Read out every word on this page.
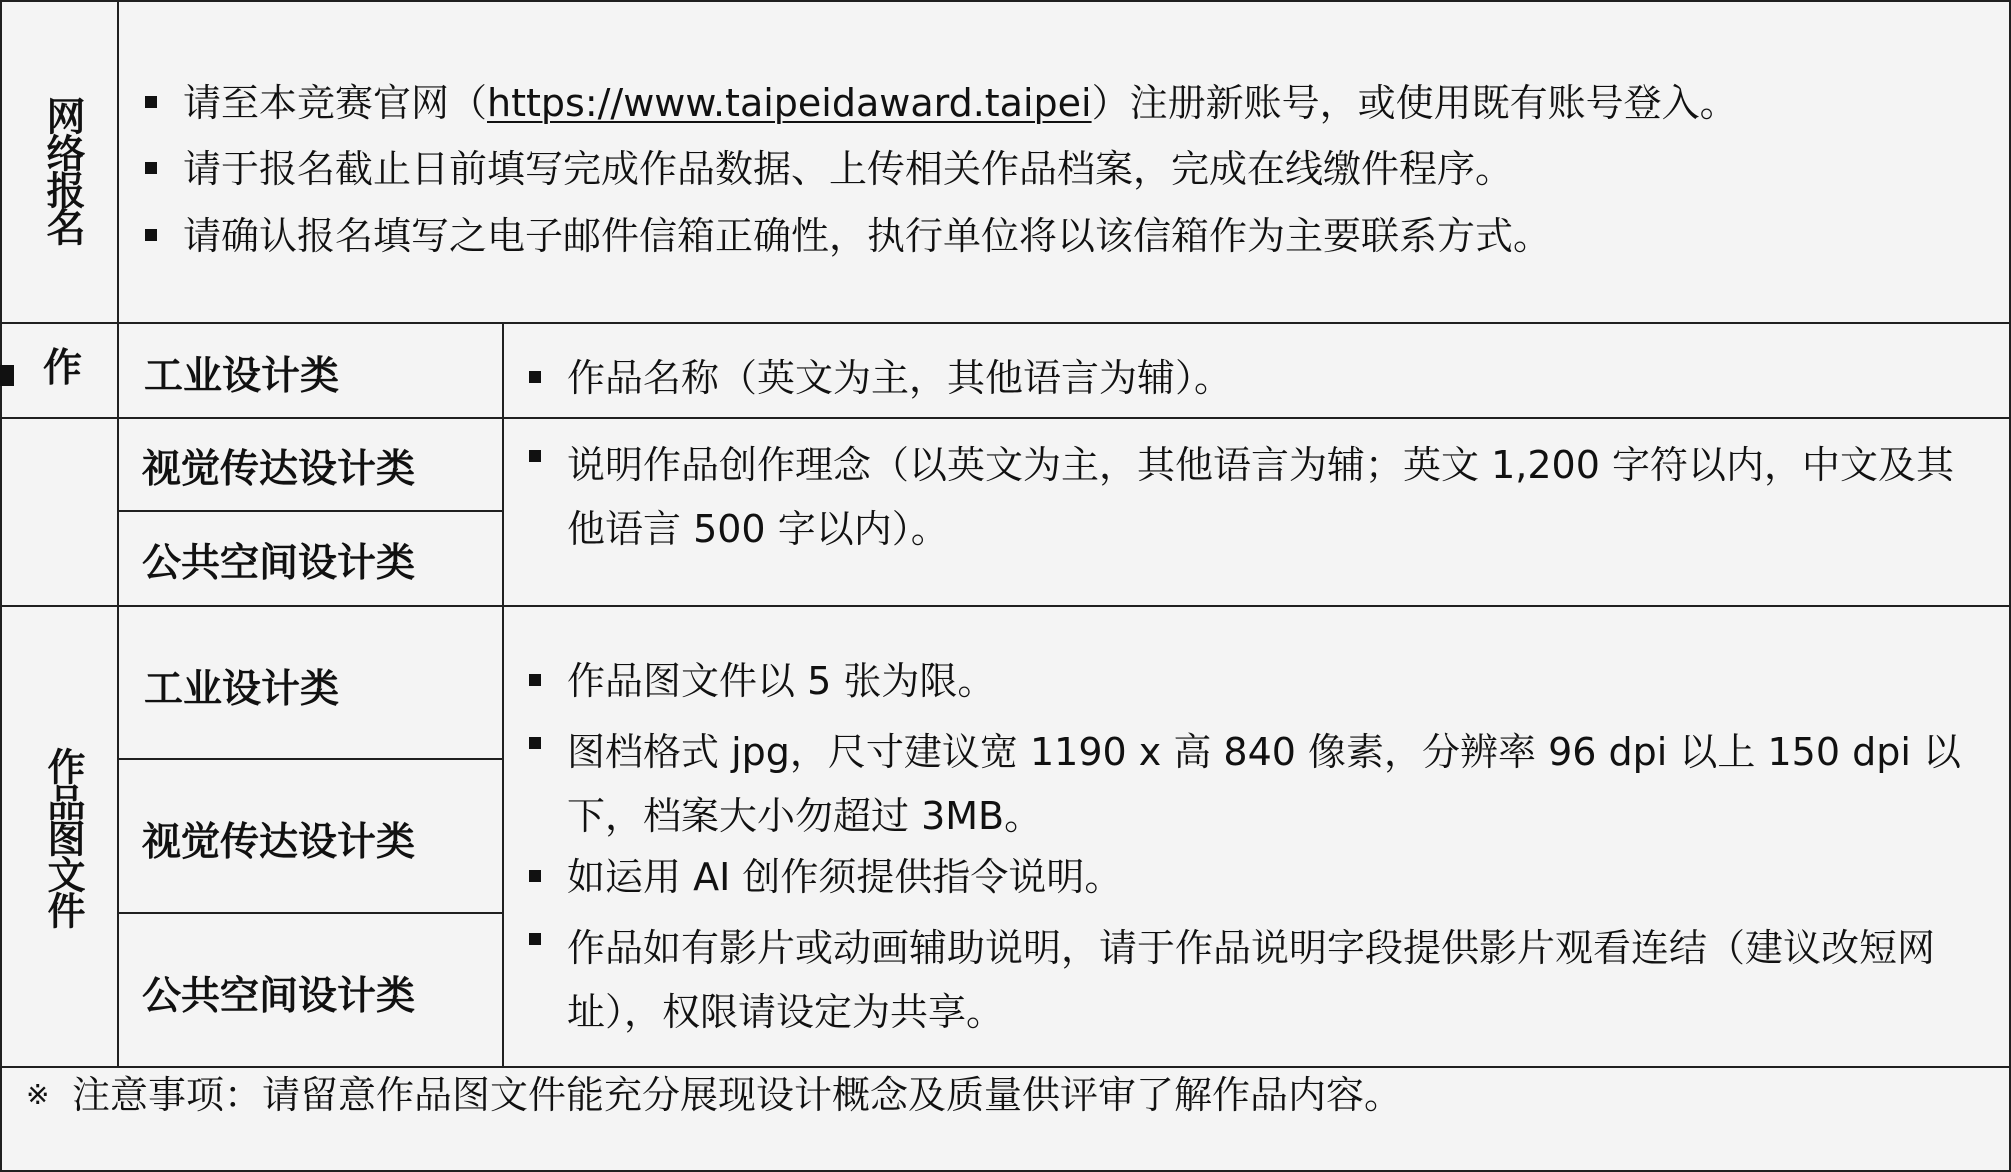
网络报名	请至本竞赛官网（https://www.taipeidaward.taipei）注册新账号，或使用既有账号登入。
请于报名截止日前填写完成作品数据、上传相关作品档案，完成在线缴件程序。
请确认报名填写之电子邮件信箱正确性，执行单位将以该信箱作为主要联系方式。
作 工业设计类	作品名称（英文为主，其他语言为辅）。
视觉传达设计类
公共空间设计类
说明作品创作理念（以英文为主，其他语言为辅；英文 1,200 字符以内，中文及其他语言 500 字以内）。
作品图文件
工业设计类
视觉传达设计类
公共空间设计类
作品图文件以 5 张为限。
图档格式 jpg，尺寸建议宽 1190 x 高 840 像素，分辨率 96 dpi 以上 150 dpi 以下，档案大小勿超过 3MB。
如运用 AI 创作须提供指令说明。
作品如有影片或动画辅助说明，请于作品说明字段提供影片观看连结（建议改短网址），权限请设定为共享。
※ 注意事项：请留意作品图文件能充分展现设计概念及质量供评审了解作品内容。
